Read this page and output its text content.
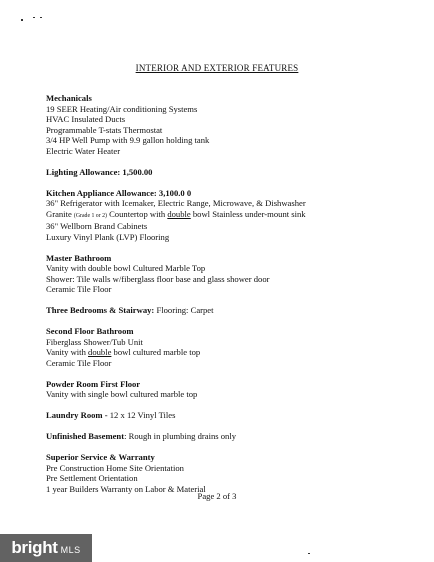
INTERIOR AND EXTERIOR FEATURES
Mechanicals
19 SEER Heating/Air conditioning Systems
HVAC Insulated Ducts
Programmable T-stats Thermostat
3/4 HP Well Pump with 9.9 gallon holding tank
Electric Water Heater
Lighting Allowance: 1,500.00
Kitchen Appliance Allowance: 3,100.0 0
36" Refrigerator with Icemaker, Electric Range, Microwave, & Dishwasher
Granite (Grade 1 or 2) Countertop with double bowl Stainless under-mount sink
36" Wellborn Brand Cabinets
Luxury Vinyl Plank (LVP) Flooring
Master Bathroom
Vanity with double bowl Cultured Marble Top
Shower: Tile walls w/fiberglass floor base and glass shower door
Ceramic Tile Floor
Three Bedrooms & Stairway: Flooring: Carpet
Second Floor Bathroom
Fiberglass Shower/Tub Unit
Vanity with double bowl cultured marble top
Ceramic Tile Floor
Powder Room First Floor
Vanity with single bowl cultured marble top
Laundry Room - 12 x 12 Vinyl Tiles
Unfinished Basement: Rough in plumbing drains only
Superior Service & Warranty
Pre Construction Home Site Orientation
Pre Settlement Orientation
1 year Builders Warranty on Labor & Material
Page 2 of 3
bright MLS
